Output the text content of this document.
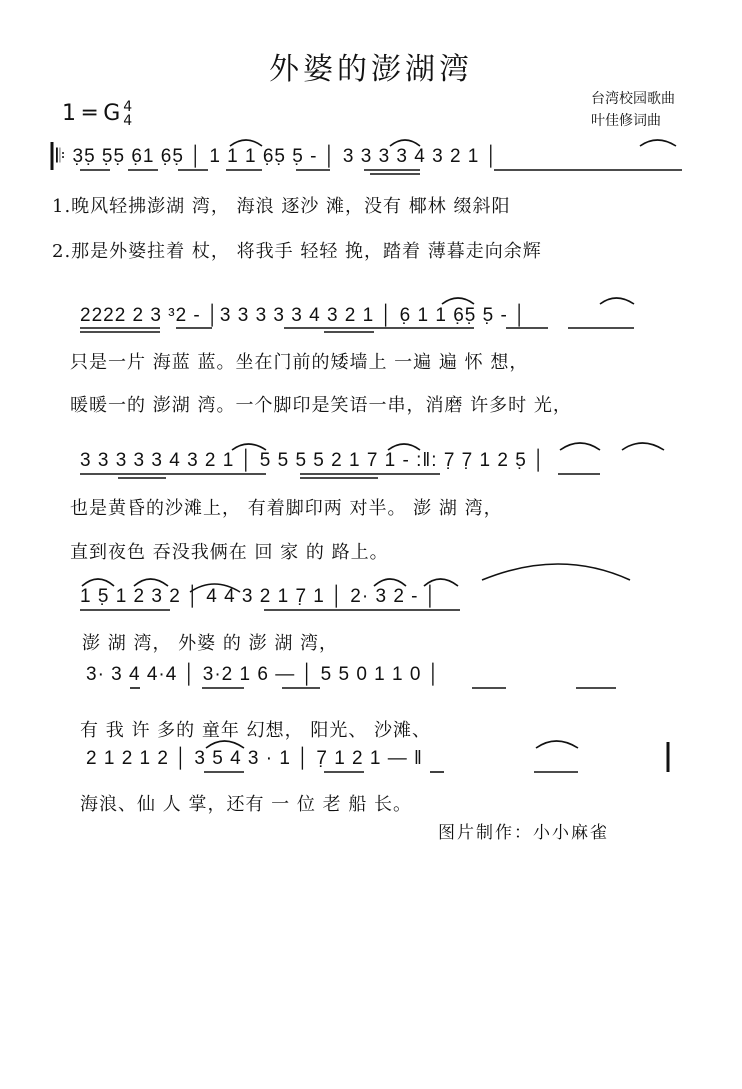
外婆的澎湖湾
台湾校园歌曲
叶佳修词曲
1 ═ G 4
4
𝄆 3̣5̣ 5̣5̣ 6̣1 6̣5̣ │ 1 1 1 6̣5̣ 5̣ - │ 3 3 3 3 4 3 2 1 │
1.晚风轻拂澎湖 湾， 海浪 逐沙 滩，没有 椰林 缀斜阳
2.那是外婆拄着 杖， 将我手 轻轻 挽，踏着 薄暮走向余辉
2222 2 3 ³2 - │3 3 3 3 3 4 3 2 1 │ 6̣ 1 1 6̣5̣ 5̣ - │
只是一片 海蓝 蓝。坐在门前的矮墙上 一遍 遍 怀 想，
暖暖一的 澎湖 湾。一个脚印是笑语一串，消磨 许多时 光，
3 3 3 3 3 4 3 2 1 │ 5 5 5 5 2 1 7 1 - :‖: 7̣ 7̣ 1 2 5̣ │
也是黄昏的沙滩上， 有着脚印两 对半。 澎 湖 湾，
直到夜色 吞没我俩在 回 家 的 路上。
1 5̣ 1 2 3 2 │ 4 4 3 2 1 7̣ 1 │ 2· 3 2 - │
澎 湖 湾， 外婆 的 澎 湖 湾，
3· 3 4 4·4 │ 3·2 1 6 — │ 5 5 0 1 1 0 │
有 我 许 多的 童年 幻想， 阳光、 沙滩、
2 1 2 1 2 │ 3 5 4 3 · 1 │ 7̣ 1 2 1 — ‖
海浪、仙 人 掌，还有 一 位 老 船 长。
图片制作：小小麻雀
